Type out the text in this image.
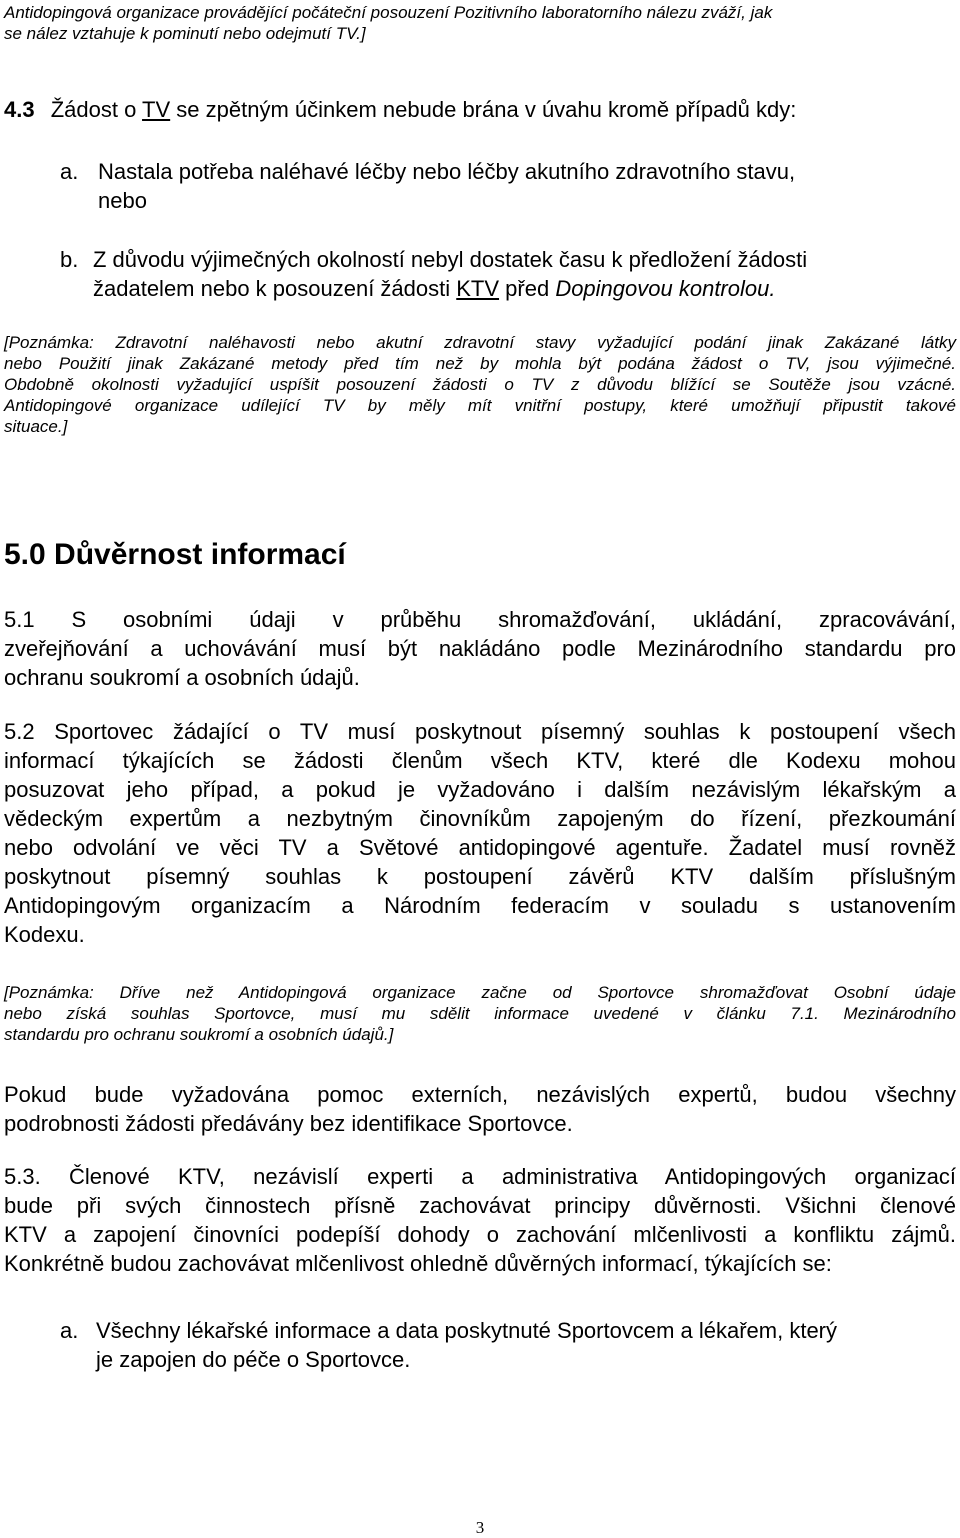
Antidopingová organizace provádějící počáteční posouzení Pozitivního laboratorního nálezu zváží, jak
se nález vztahuje k pominutí nebo odejmutí TV.]
4.3 Žádost o TV se zpětným účinkem nebude brána v úvahu kromě případů kdy:
a. Nastala potřeba naléhavé léčby nebo léčby akutního zdravotního stavu,
nebo
b. Z důvodu výjimečných okolností nebyl dostatek času k předložení žádosti
žadatelem nebo k posouzení žádosti KTV před Dopingovou kontrolou.
[Poznámka: Zdravotní naléhavosti nebo akutní zdravotní stavy vyžadující podání jinak Zakázané látky
nebo Použití jinak Zakázané metody před tím než by mohla být podána žádost o TV, jsou výjimečné.
Obdobně okolnosti vyžadující uspíšit posouzení žádosti o TV z důvodu blížící se Soutěže jsou vzácné.
Antidopingové organizace udílející TV by měly mít vnitřní postupy, které umožňují připustit takové
situace.]
5.0 Důvěrnost informací
5.1 S osobními údaji v průběhu shromažďování, ukládání, zpracovávání,
zveřejňování a uchovávání musí být nakládáno podle Mezinárodního standardu pro
ochranu soukromí a osobních údajů.
5.2 Sportovec žádající o TV musí poskytnout písemný souhlas k postoupení všech
informací týkajících se žádosti členům všech KTV, které dle Kodexu mohou
posuzovat jeho případ, a pokud je vyžadováno i dalším nezávislým lékařským a
vědeckým expertům a nezbytným činovníkům zapojeným do řízení, přezkoumání
nebo odvolání ve věci TV a Světové antidopingové agentuře. Žadatel musí rovněž
poskytnout písemný souhlas k postoupení závěrů KTV dalším příslušným
Antidopingovým organizacím a Národním federacím v souladu s ustanovením
Kodexu.
[Poznámka: Dříve než Antidopingová organizace začne od Sportovce shromažďovat Osobní údaje
nebo získá souhlas Sportovce, musí mu sdělit informace uvedené v článku 7.1. Mezinárodního
standardu pro ochranu soukromí a osobních údajů.]
Pokud bude vyžadována pomoc externích, nezávislých expertů, budou všechny
podrobnosti žádosti předávány bez identifikace Sportovce.
5.3. Členové KTV, nezávislí experti a administrativa Antidopingových organizací
bude při svých činnostech přísně zachovávat principy důvěrnosti. Všichni členové
KTV a zapojení činovníci podepíší dohody o zachování mlčenlivosti a konfliktu zájmů.
Konkrétně budou zachovávat mlčenlivost ohledně důvěrných informací, týkajících se:
a. Všechny lékařské informace a data poskytnuté Sportovcem a lékařem, který
je zapojen do péče o Sportovce.
3
